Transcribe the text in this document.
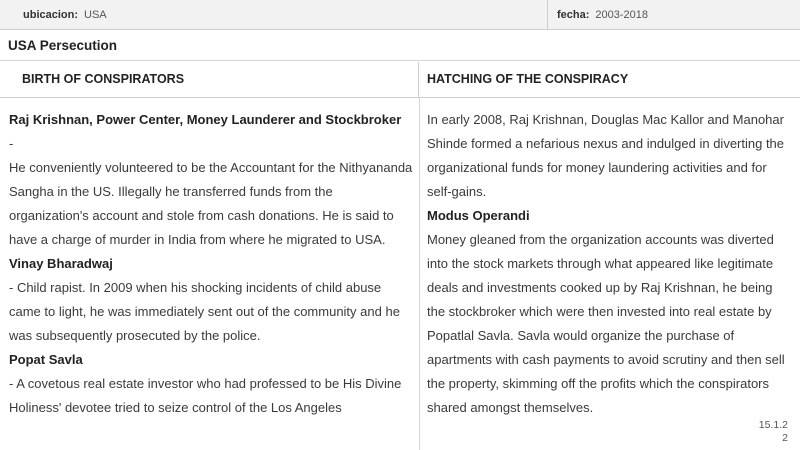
ubicacion: USA	fecha: 2003-2018
USA Persecution
BIRTH OF CONSPIRATORS	HATCHING OF THE CONSPIRACY

Raj Krishnan, Power Center, Money Launderer and Stockbroker

-

He conveniently volunteered to be the Accountant for the Nithyananda Sangha in the US. Illegally he transferred funds from the organization's account and stole from cash donations. He is said to have a charge of murder in India from where he migrated to USA.

Vinay Bharadwaj

- Child rapist. In 2009 when his shocking incidents of child abuse came to light, he was immediately sent out of the community and he was subsequently prosecuted by the police.

Popat Savla

- A covetous real estate investor who had professed to be His Divine Holiness' devotee tried to seize control of the Los Angeles

In early 2008, Raj Krishnan, Douglas Mac Kallor and Manohar Shinde formed a nefarious nexus and indulged in diverting the organizational funds for money laundering activities and for self-gains.

Modus Operandi

Money gleaned from the organization accounts was diverted into the stock markets through what appeared like legitimate deals and investments cooked up by Raj Krishnan, he being the stockbroker which were then invested into real estate by Popatlal Savla. Savla would organize the purchase of apartments with cash payments to avoid scrutiny and then sell the property, skimming off the profits which the conspirators shared amongst themselves.

15.1.2
2
